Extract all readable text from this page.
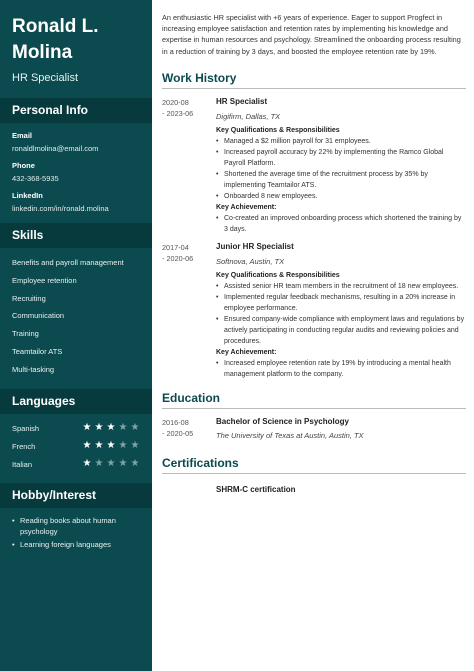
Ronald L.
Molina
HR Specialist
Personal Info
Email
ronaldlmolina@email.com
Phone
432-368-5935
LinkedIn
linkedin.com/in/ronald.molina
Skills
Benefits and payroll management
Employee retention
Recruiting
Communication
Training
Teamtailor ATS
Multi-tasking
Languages
Spanish	★ ★ ★ ★ ★
French	★ ★ ★ ★ ★
Italian	★ ★ ★ ★ ★
Hobby/Interest
• Reading books about human psychology
• Learning foreign languages
An enthusiastic HR specialist with +6 years of experience. Eager to support Progfect in increasing employee satisfaction and retention rates by implementing his knowledge and expertise in human resources and psychology. Streamlined the onboarding process resulting in a reduction of training by 3 days, and boosted the employee retention rate by 19%.
Work History
2020-08
- 2023-06
HR Specialist
Digifirm, Dallas, TX
Key Qualifications & Responsibilities
• Managed a $2 million payroll for 31 employees.
• Increased payroll accuracy by 22% by implementing the Ramco Global Payroll Platform.
• Shortened the average time of the recruitment process by 35% by implementing Teamtailor ATS.
• Onboarded 8 new employees.
Key Achievement:
• Co-created an improved onboarding process which shortened the training by 3 days.
2017-04
- 2020-06
Junior HR Specialist
Softnova, Austin, TX
Key Qualifications & Responsibilities
• Assisted senior HR team members in the recruitment of 18 new employees.
• Implemented regular feedback mechanisms, resulting in a 20% increase in employee performance.
• Ensured company-wide compliance with employment laws and regulations by actively participating in conducting regular audits and reviewing policies and procedures.
Key Achievement:
• Increased employee retention rate by 19% by introducing a mental health management platform to the company.
Education
2016-08
- 2020-05
Bachelor of Science in Psychology
The University of Texas at Austin, Austin, TX
Certifications
SHRM-C certification
